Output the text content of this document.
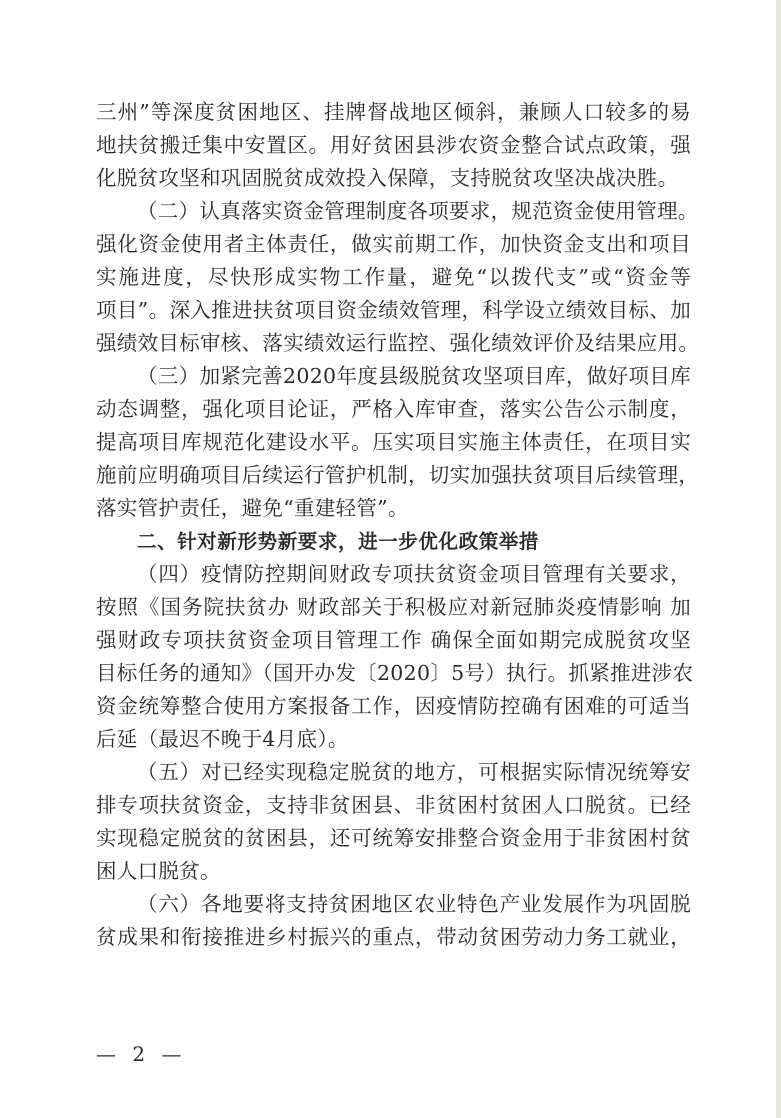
三州”等深度贫困地区、挂牌督战地区倾斜，兼顾人口较多的易
地扶贫搬迁集中安置区。用好贫困县涉农资金整合试点政策，强
化脱贫攻坚和巩固脱贫成效投入保障，支持脱贫攻坚决战决胜。
（二）认真落实资金管理制度各项要求，规范资金使用管理。
强化资金使用者主体责任，做实前期工作，加快资金支出和项目
实施进度，尽快形成实物工作量，避免“以拨代支”或“资金等
项目”。深入推进扶贫项目资金绩效管理，科学设立绩效目标、加
强绩效目标审核、落实绩效运行监控、强化绩效评价及结果应用。
（三）加紧完善2020年度县级脱贫攻坚项目库，做好项目库
动态调整，强化项目论证，严格入库审查，落实公告公示制度，
提高项目库规范化建设水平。压实项目实施主体责任，在项目实
施前应明确项目后续运行管护机制，切实加强扶贫项目后续管理，
落实管护责任，避免“重建轻管”。
二、针对新形势新要求，进一步优化政策举措
（四）疫情防控期间财政专项扶贫资金项目管理有关要求，
按照《国务院扶贫办 财政部关于积极应对新冠肺炎疫情影响 加
强财政专项扶贫资金项目管理工作 确保全面如期完成脱贫攻坚
目标任务的通知》（国开办发〔2020〕5号）执行。抓紧推进涉农
资金统筹整合使用方案报备工作，因疫情防控确有困难的可适当
后延（最迟不晚于4月底）。
（五）对已经实现稳定脱贫的地方，可根据实际情况统筹安
排专项扶贫资金，支持非贫困县、非贫困村贫困人口脱贫。已经
实现稳定脱贫的贫困县，还可统筹安排整合资金用于非贫困村贫
困人口脱贫。
（六）各地要将支持贫困地区农业特色产业发展作为巩固脱
贫成果和衔接推进乡村振兴的重点，带动贫困劳动力务工就业，
— 2 —
